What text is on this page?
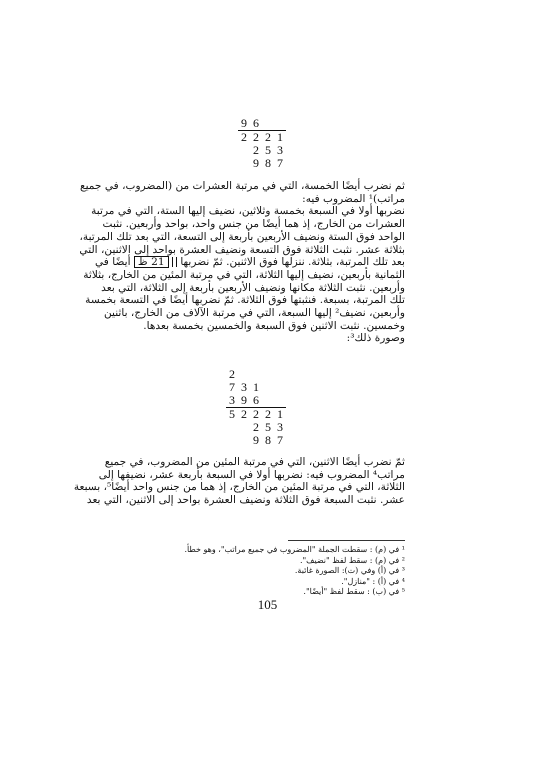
9 6
2 2 2 1
2 5 3
9 8 7
ثم نضرب أيضًا الخمسة، التي في مرتبة العشرات من (المضروب، في جميع
مراتب)¹ المضروب فيه:
نضربها أولا في السبعة بخمسة وثلاثين، نضيف إليها الستة، التي في مرتبة
العشرات من الخارج، إذ هما أيضًا من جنس واحد، بواحد وأربعين. نثبت
الواحد فوق الستة ونضيف الأربعين بأربعة إلى التسعة، التي بعد تلك المرتبة،
بثلاثة عشر. نثبت الثلاثة فوق التسعة ونضيف العشرة بواحد إلى الاثنين، التي
بعد تلك المرتبة، بثلاثة. ننزلها فوق الاثنين. ثمّ نضربها  21 ظ أيضًا في
الثمانية بأربعين، نضيف إليها الثلاثة، التي في مرتبة المئين من الخارج، بثلاثة
وأربعين. نثبت الثلاثة مكانها ونضيف الأربعين بأربعة إلى الثلاثة، التي بعد
تلك المرتبة، بسبعة. فنثبتها فوق الثلاثة. ثمّ نضربها أيضًا في التسعة بخمسة
وأربعين، نضيف² إليها السبعة، التي في مرتبة الآلاف من الخارج، باثنين
وخمسين. نثبت الاثنين فوق السبعة والخمسين بخمسة بعدها.
وصورة ذلك³:
2
7 3 1
3 9 6
5 2 2 2 1
2 5 3
9 8 7
ثمّ نضرب أيضًا الاثنين، التي في مرتبة المئين من المضروب، في جميع
مراتب⁴ المضروب فيه: نضربها أولا في السبعة بأربعة عشر، نضيفها إلى
الثلاثة، التي في مرتبة المئين من الخارج، إذ هما من جنس واحد أيضًا⁵، بسبعة
عشر. نثبت السبعة فوق الثلاثة ونضيف العشرة بواحد إلى الاثنين، التي بعد
¹ في (م) : سقطت الجملة "المضروب في جميع مراتب"، وهو خطأ.
² في (م) : سقط لفظ "نضيف".
³ في (أ) وفي (ت): الصورة غائبة.
⁴ في (أ) : "منازل".
⁵ في (ب) : سقط لفظ "أيضًا".
105
